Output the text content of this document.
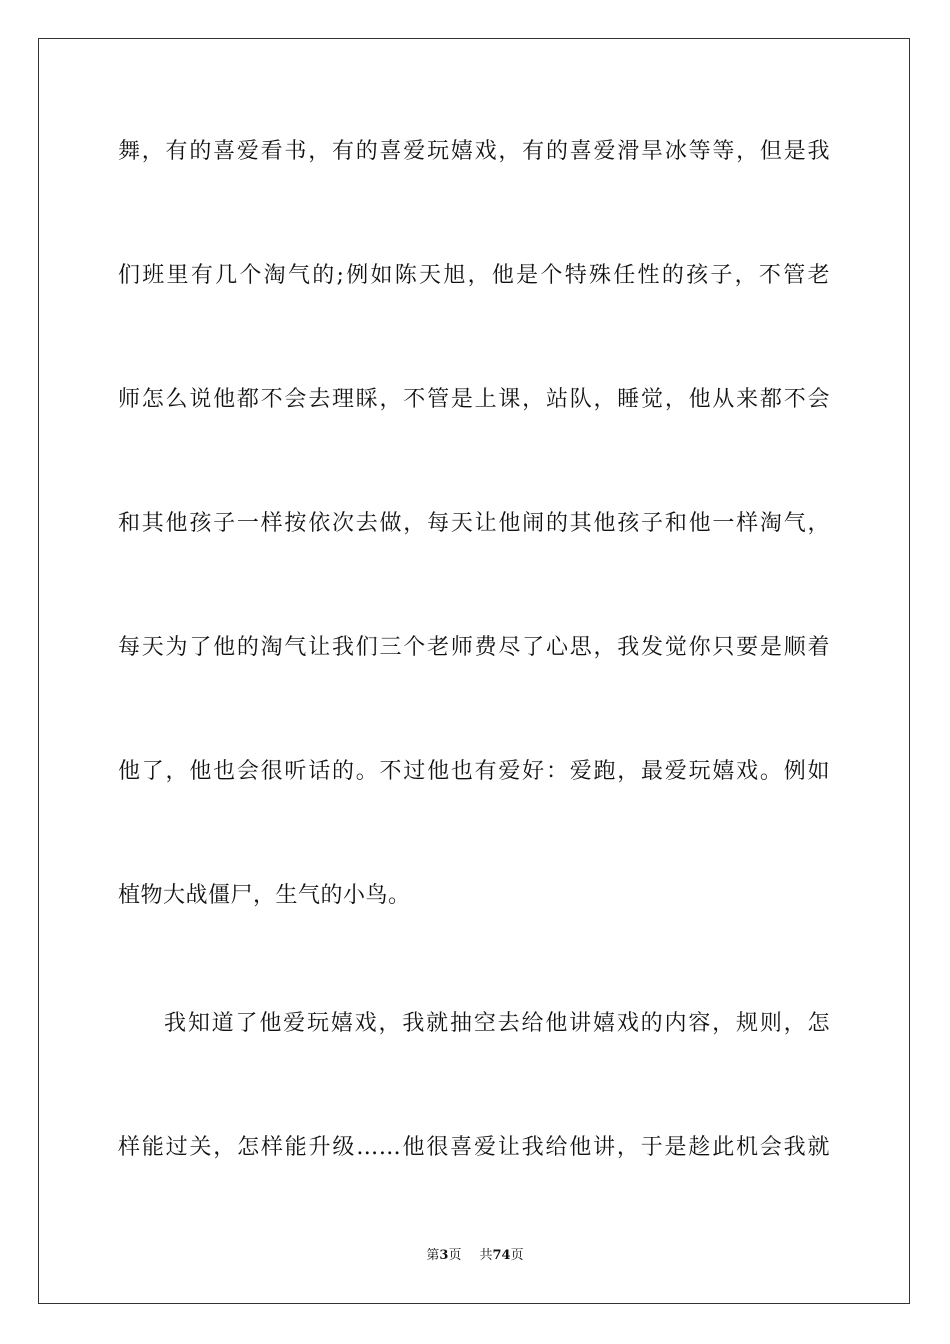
舞，有的喜爱看书，有的喜爱玩嬉戏，有的喜爱滑旱冰等等，但是我
们班里有几个淘气的;例如陈天旭，他是个特殊任性的孩子，不管老
师怎么说他都不会去理睬，不管是上课，站队，睡觉，他从来都不会
和其他孩子一样按依次去做，每天让他闹的其他孩子和他一样淘气，
每天为了他的淘气让我们三个老师费尽了心思，我发觉你只要是顺着
他了，他也会很听话的。不过他也有爱好：爱跑，最爱玩嬉戏。例如
植物大战僵尸，生气的小鸟。
我知道了他爱玩嬉戏，我就抽空去给他讲嬉戏的内容，规则，怎
样能过关，怎样能升级……他很喜爱让我给他讲，于是趁此机会我就
第3页 共74页
